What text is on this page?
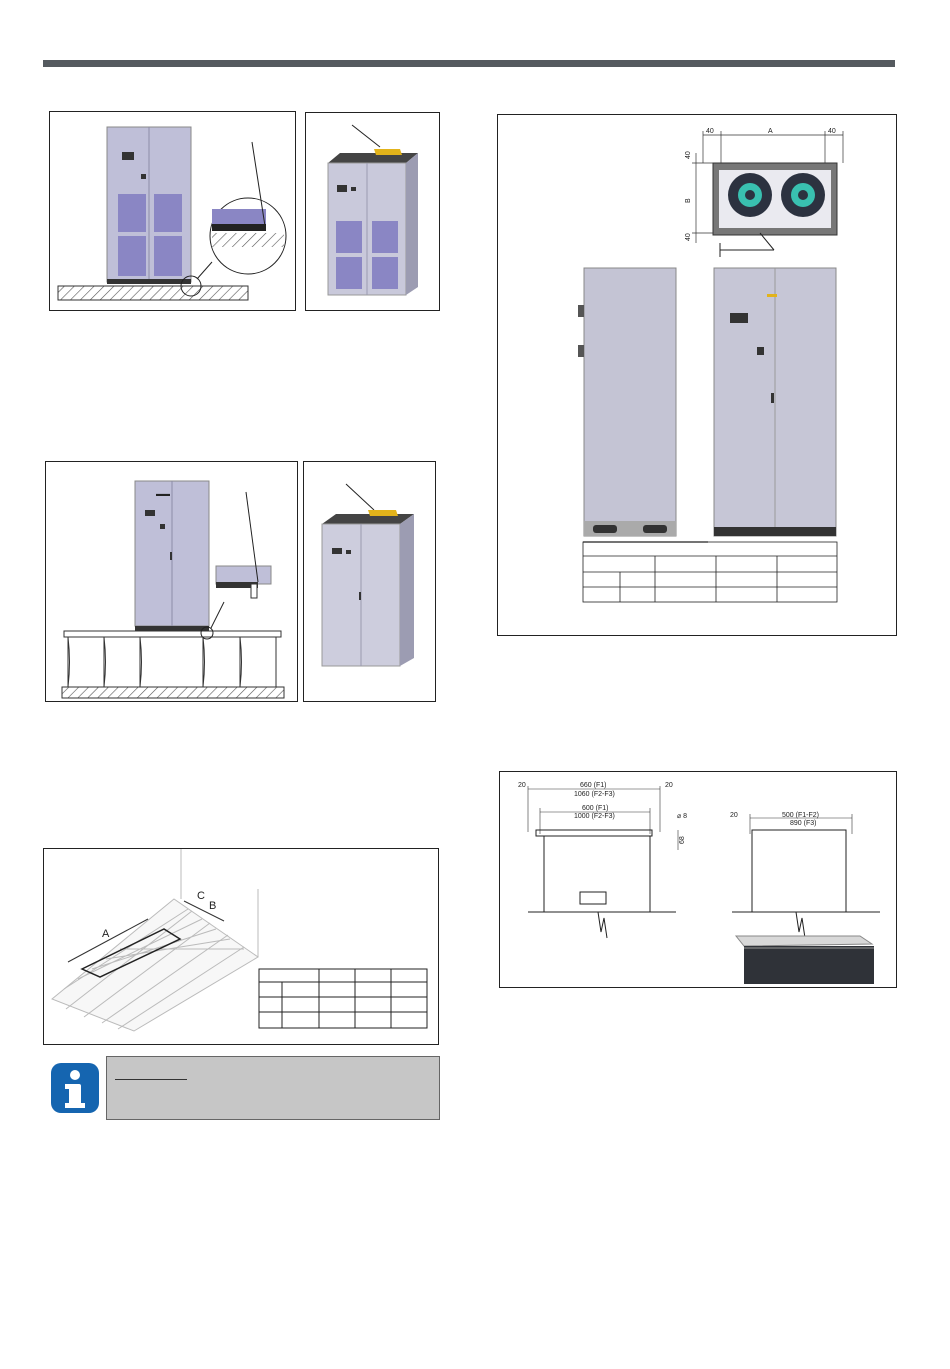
▬▬
A
C
B
40	A	40
40
B
40
20	660 (F1)
1060 (F2-F3)
20
600 (F1)
1000 (F2-F3)	⌀ 8
68
20	500 (F1-F2)
890 (F3)
